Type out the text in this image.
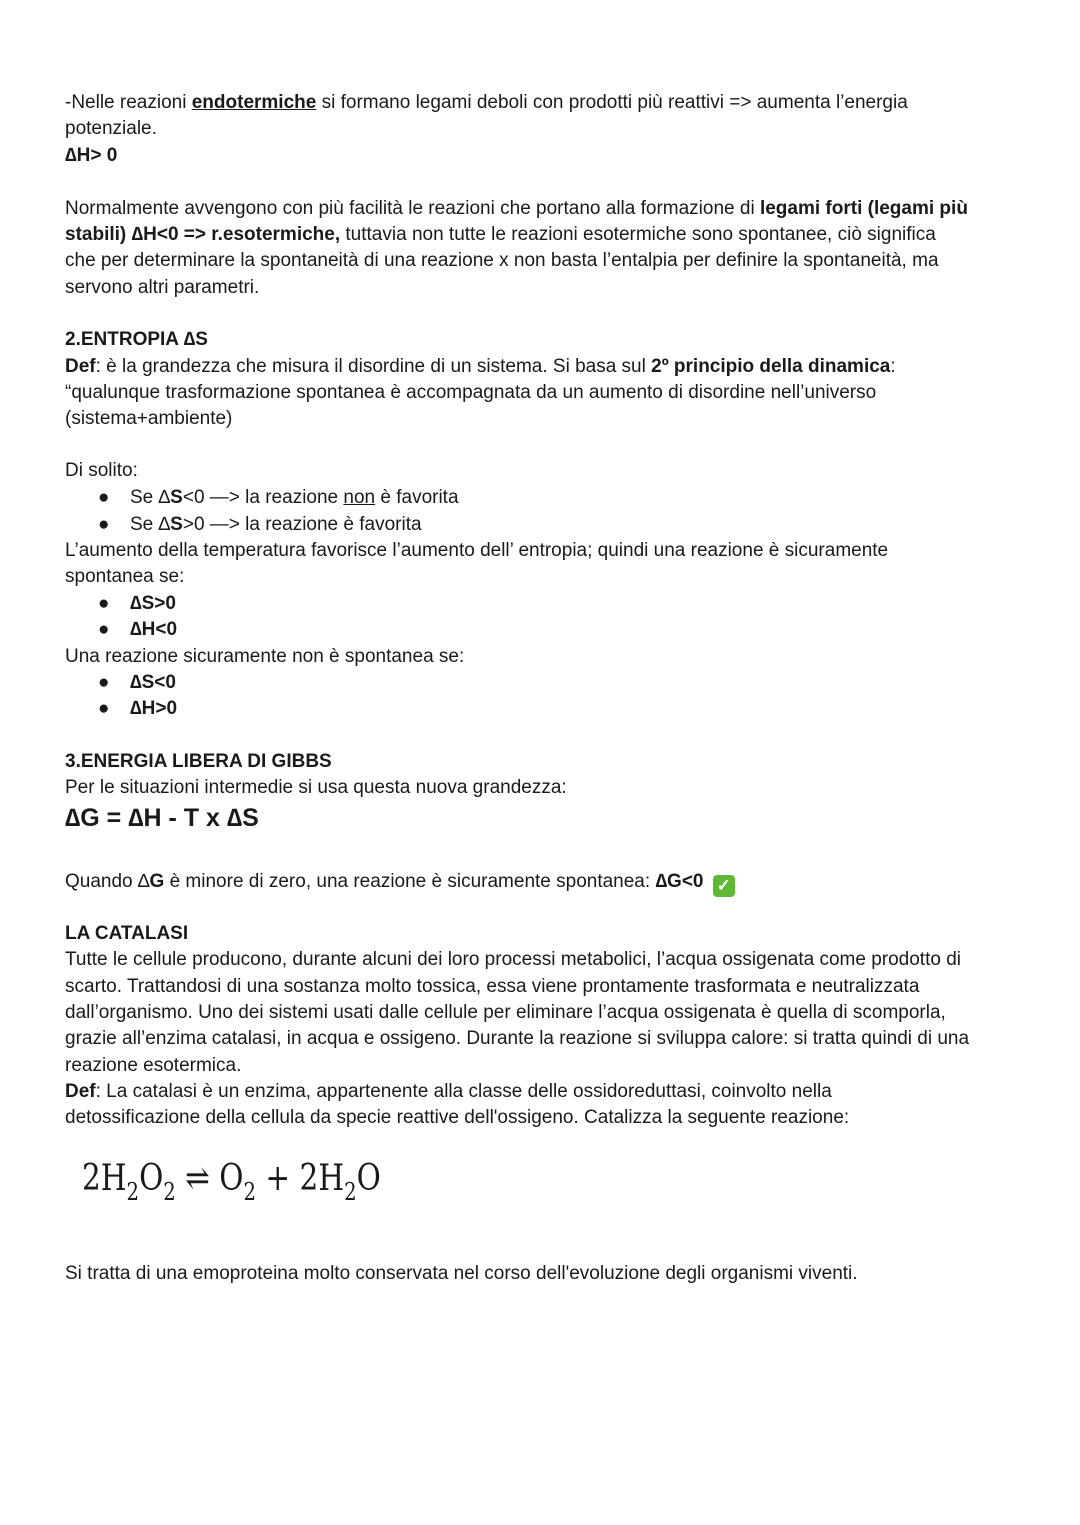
-Nelle reazioni endotermiche si formano legami deboli con prodotti più reattivi => aumenta l’energia
potenziale.
∆H> 0
Normalmente avvengono con più facilità le reazioni che portano alla formazione di legami forti (legami più
stabili) ∆H<0 => r.esotermiche, tuttavia non tutte le reazioni esotermiche sono spontanee, ciò significa
che per determinare la spontaneità di una reazione x non basta l’entalpia per definire la spontaneità, ma
servono altri parametri.
2.ENTROPIA ∆S
Def: è la grandezza che misura il disordine di un sistema. Si basa sul 2º principio della dinamica:
“qualunque trasformazione spontanea è accompagnata da un aumento di disordine nell’universo
(sistema+ambiente)
Di solito:
● Se ∆S<0 —> la reazione non è favorita
● Se ∆S>0 —> la reazione è favorita
L’aumento della temperatura favorisce l’aumento dell’ entropia; quindi una reazione è sicuramente
spontanea se:
● ∆S>0
● ∆H<0
Una reazione sicuramente non è spontanea se:
● ∆S<0
● ∆H>0
3.ENERGIA LIBERA DI GIBBS
Per le situazioni intermedie si usa questa nuova grandezza:
∆G = ∆H - T x ∆S
Quando ∆G è minore di zero, una reazione è sicuramente spontanea: ∆G<0 ✓
LA CATALASI
Tutte le cellule producono, durante alcuni dei loro processi metabolici, l’acqua ossigenata come prodotto di
scarto. Trattandosi di una sostanza molto tossica, essa viene prontamente trasformata e neutralizzata
dall’organismo. Uno dei sistemi usati dalle cellule per eliminare l’acqua ossigenata è quella di scomporla,
grazie all’enzima catalasi, in acqua e ossigeno. Durante la reazione si sviluppa calore: si tratta quindi di una
reazione esotermica.
Def: La catalasi è un enzima, appartenente alla classe delle ossidoreduttasi, coinvolto nella
detossificazione della cellula da specie reattive dell'ossigeno. Catalizza la seguente reazione:
$2H_2O_2$ ⇌ $O_2 + 2H_2O$
Si tratta di una emoproteina molto conservata nel corso dell'evoluzione degli organismi viventi.
